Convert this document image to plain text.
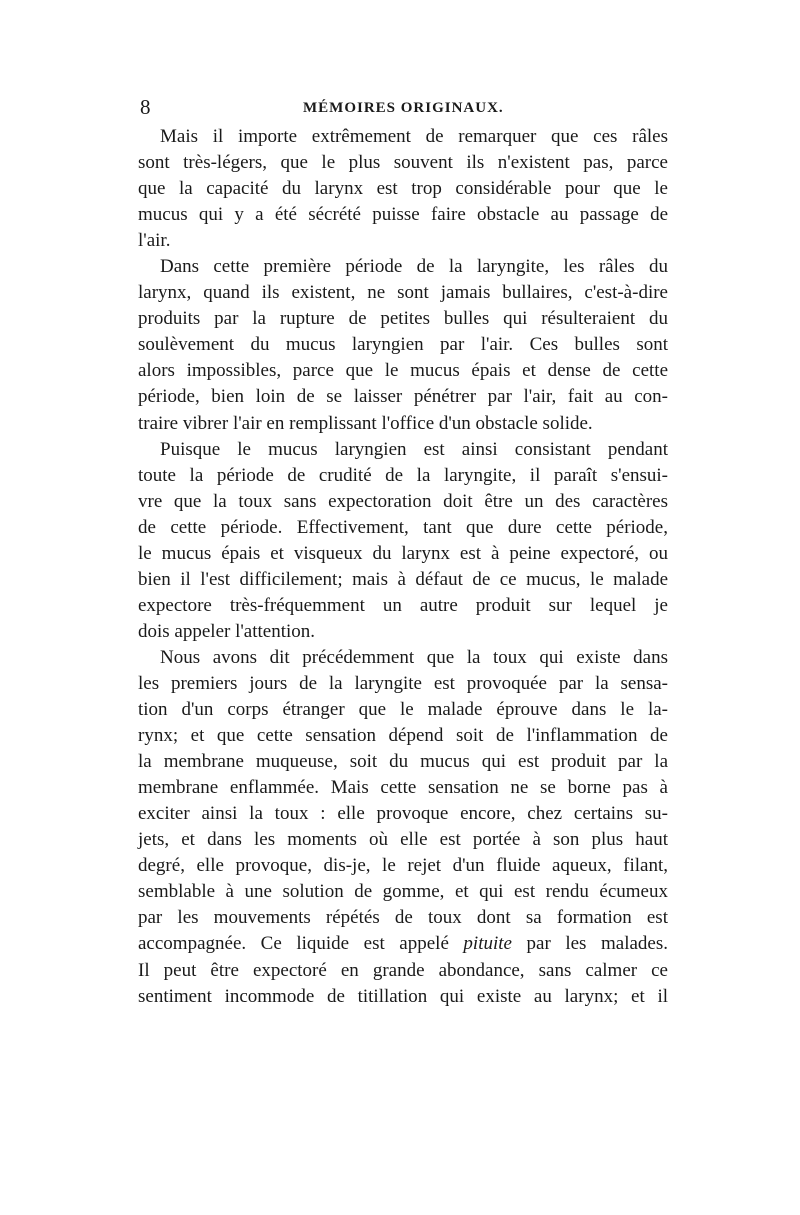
8	MÉMOIRES ORIGINAUX.
Mais il importe extrêmement de remarquer que ces râles
sont très-légers, que le plus souvent ils n'existent pas, parce
que la capacité du larynx est trop considérable pour que le
mucus qui y a été sécrété puisse faire obstacle au passage de
l'air.
Dans cette première période de la laryngite, les râles du
larynx, quand ils existent, ne sont jamais bullaires, c'est-à-dire
produits par la rupture de petites bulles qui résulteraient du
soulèvement du mucus laryngien par l'air. Ces bulles sont
alors impossibles, parce que le mucus épais et dense de cette
période, bien loin de se laisser pénétrer par l'air, fait au con-
traire vibrer l'air en remplissant l'office d'un obstacle solide.
Puisque le mucus laryngien est ainsi consistant pendant
toute la période de crudité de la laryngite, il paraît s'ensui-
vre que la toux sans expectoration doit être un des caractères
de cette période. Effectivement, tant que dure cette période,
le mucus épais et visqueux du larynx est à peine expectoré, ou
bien il l'est difficilement; mais à défaut de ce mucus, le malade
expectore très-fréquemment un autre produit sur lequel je
dois appeler l'attention.
Nous avons dit précédemment que la toux qui existe dans
les premiers jours de la laryngite est provoquée par la sensa-
tion d'un corps étranger que le malade éprouve dans le la-
rynx; et que cette sensation dépend soit de l'inflammation de
la membrane muqueuse, soit du mucus qui est produit par la
membrane enflammée. Mais cette sensation ne se borne pas à
exciter ainsi la toux : elle provoque encore, chez certains su-
jets, et dans les moments où elle est portée à son plus haut
degré, elle provoque, dis-je, le rejet d'un fluide aqueux, filant,
semblable à une solution de gomme, et qui est rendu écumeux
par les mouvements répétés de toux dont sa formation est
accompagnée. Ce liquide est appelé pituite par les malades.
Il peut être expectoré en grande abondance, sans calmer ce
sentiment incommode de titillation qui existe au larynx; et il
